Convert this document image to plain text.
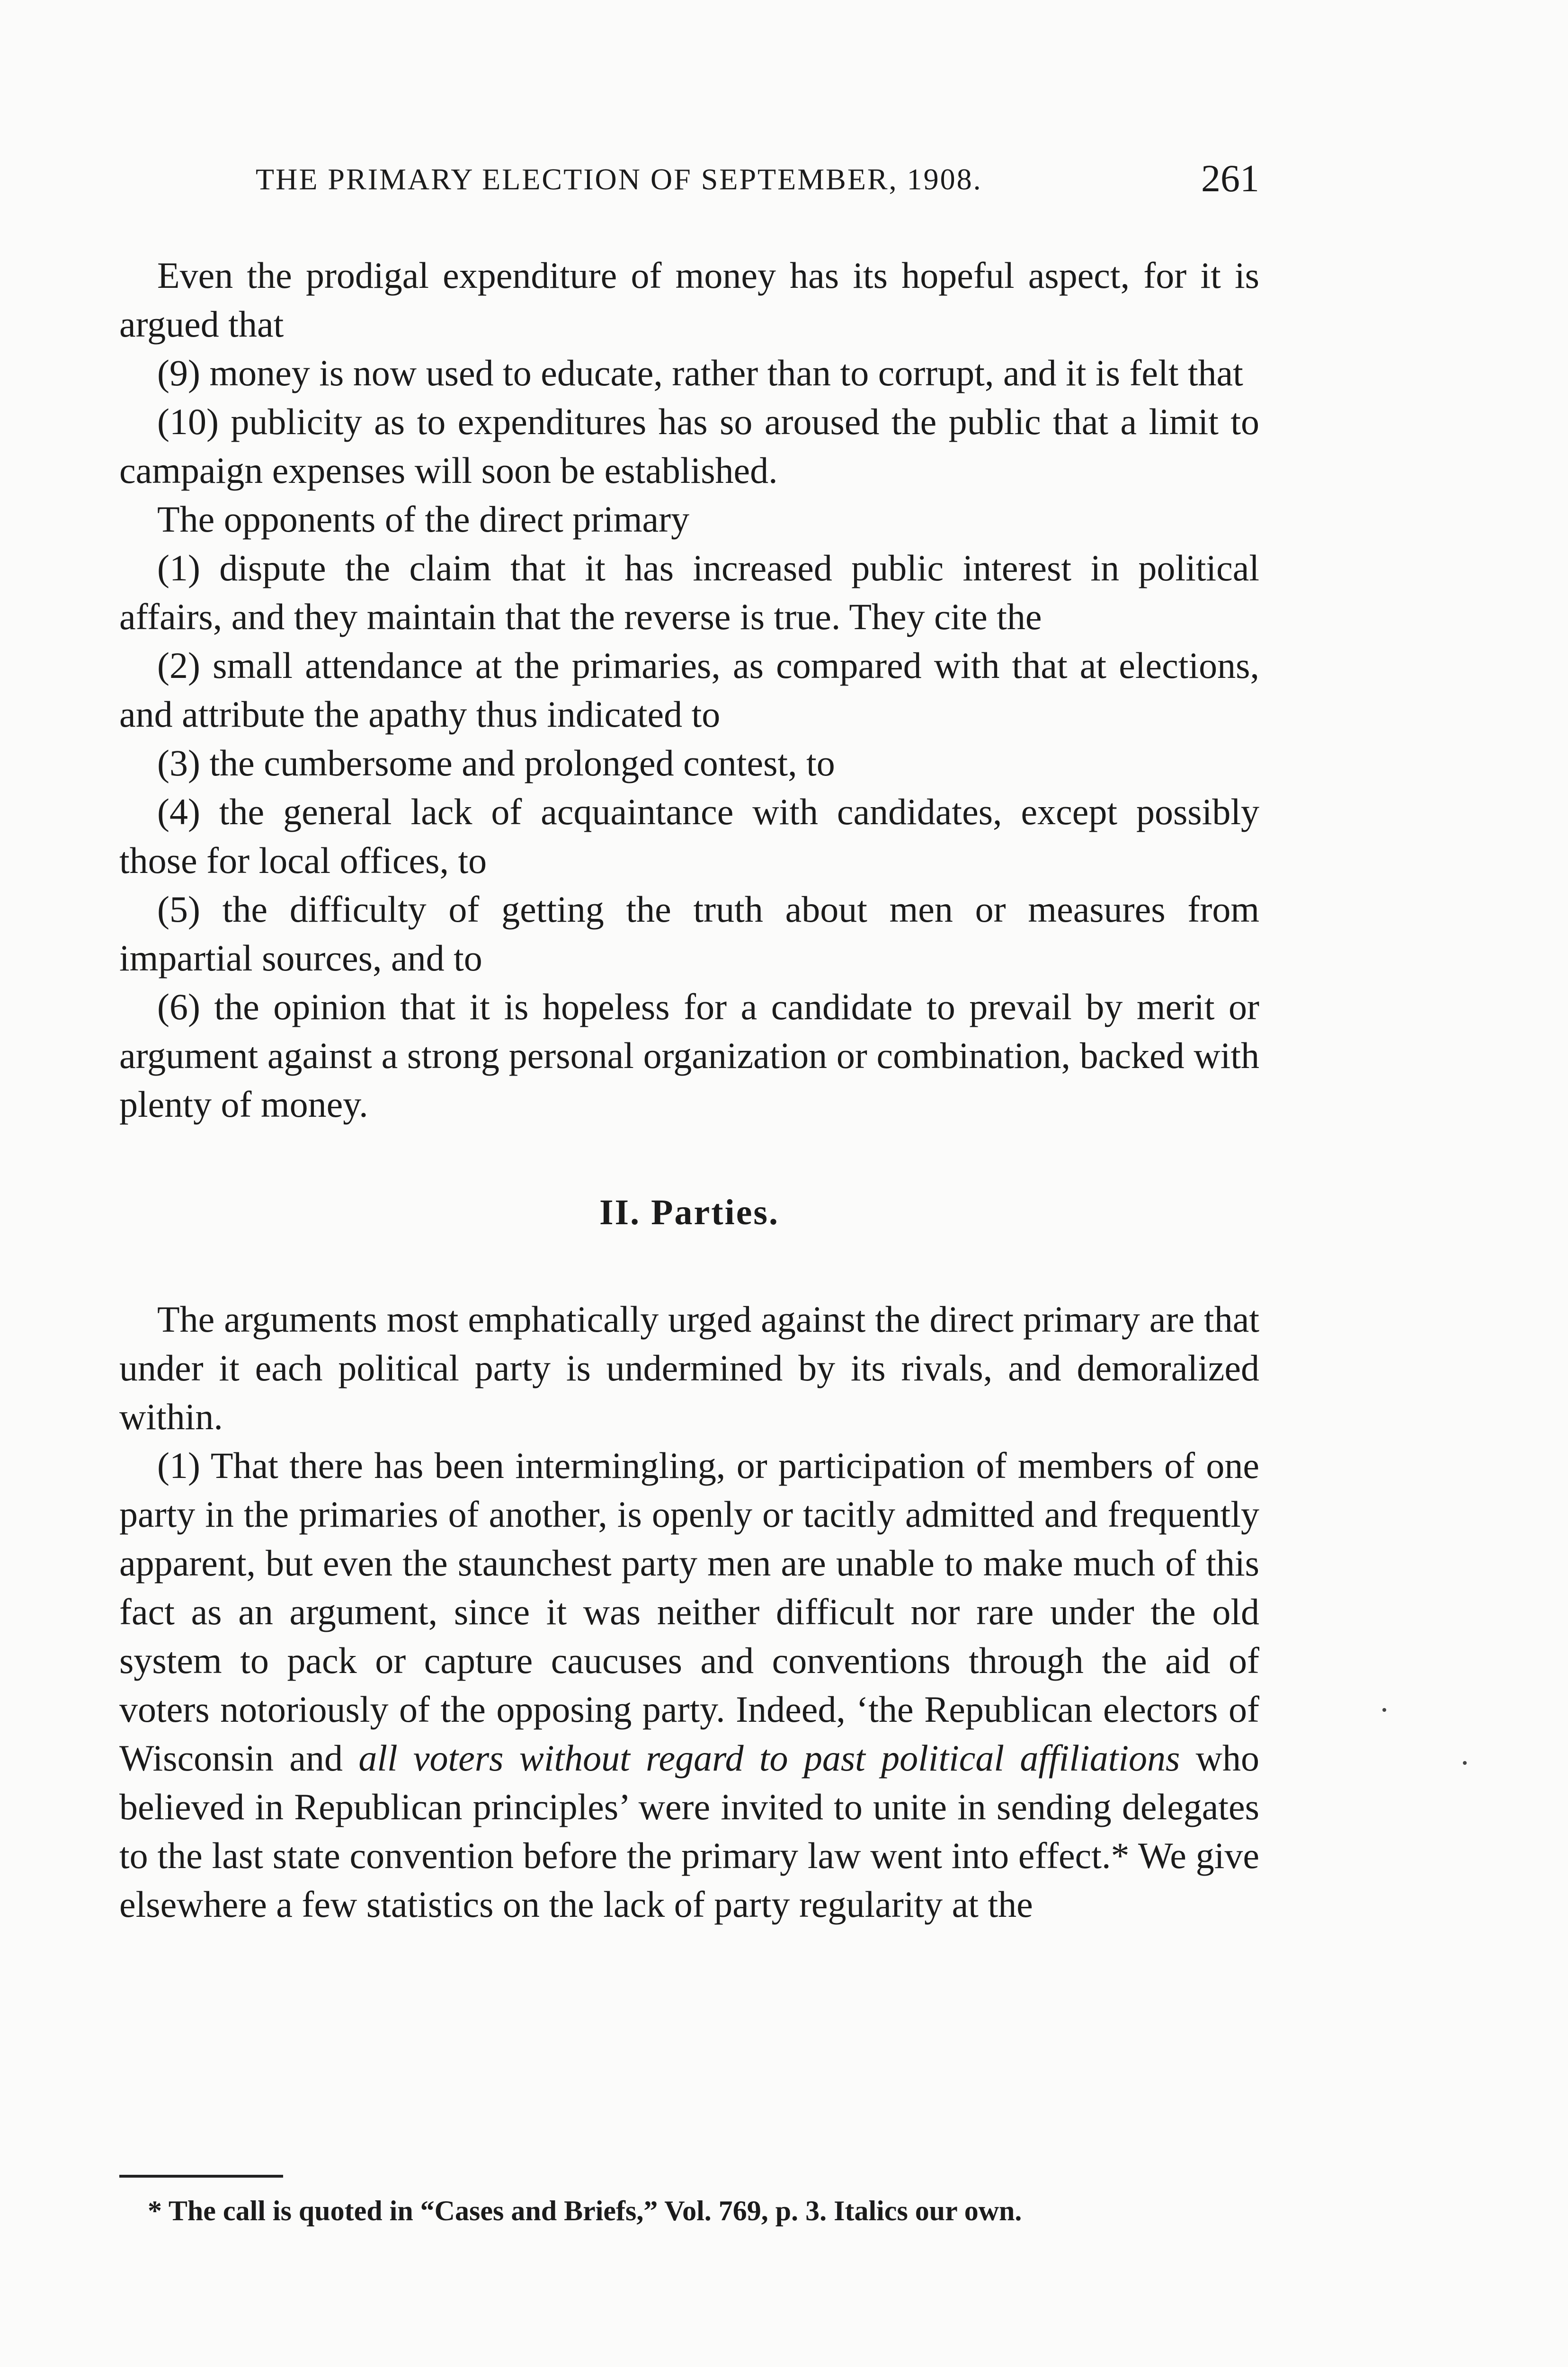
THE PRIMARY ELECTION OF SEPTEMBER, 1908.	261

Even the prodigal expenditure of money has its hopeful aspect, for it is argued that

(9) money is now used to educate, rather than to corrupt, and it is felt that

(10) publicity as to expenditures has so aroused the public that a limit to campaign expenses will soon be established.

The opponents of the direct primary

(1) dispute the claim that it has increased public interest in political affairs, and they maintain that the reverse is true. They cite the

(2) small attendance at the primaries, as compared with that at elections, and attribute the apathy thus indicated to

(3) the cumbersome and prolonged contest, to

(4) the general lack of acquaintance with candidates, except possibly those for local offices, to

(5) the difficulty of getting the truth about men or measures from impartial sources, and to

(6) the opinion that it is hopeless for a candidate to prevail by merit or argument against a strong personal organization or combination, backed with plenty of money.

II. Parties.

The arguments most emphatically urged against the direct primary are that under it each political party is undermined by its rivals, and demoralized within.

(1) That there has been intermingling, or participation of members of one party in the primaries of another, is openly or tacitly admitted and frequently apparent, but even the staunchest party men are unable to make much of this fact as an argument, since it was neither difficult nor rare under the old system to pack or capture caucuses and conventions through the aid of voters notoriously of the opposing party. Indeed, ‘the Republican electors of Wisconsin and all voters without regard to past political affiliations who believed in Republican principles’ were invited to unite in sending delegates to the last state convention before the primary law went into effect.* We give elsewhere a few statistics on the lack of party regularity at the

* The call is quoted in “Cases and Briefs,” Vol. 769, p. 3. Italics our own.
